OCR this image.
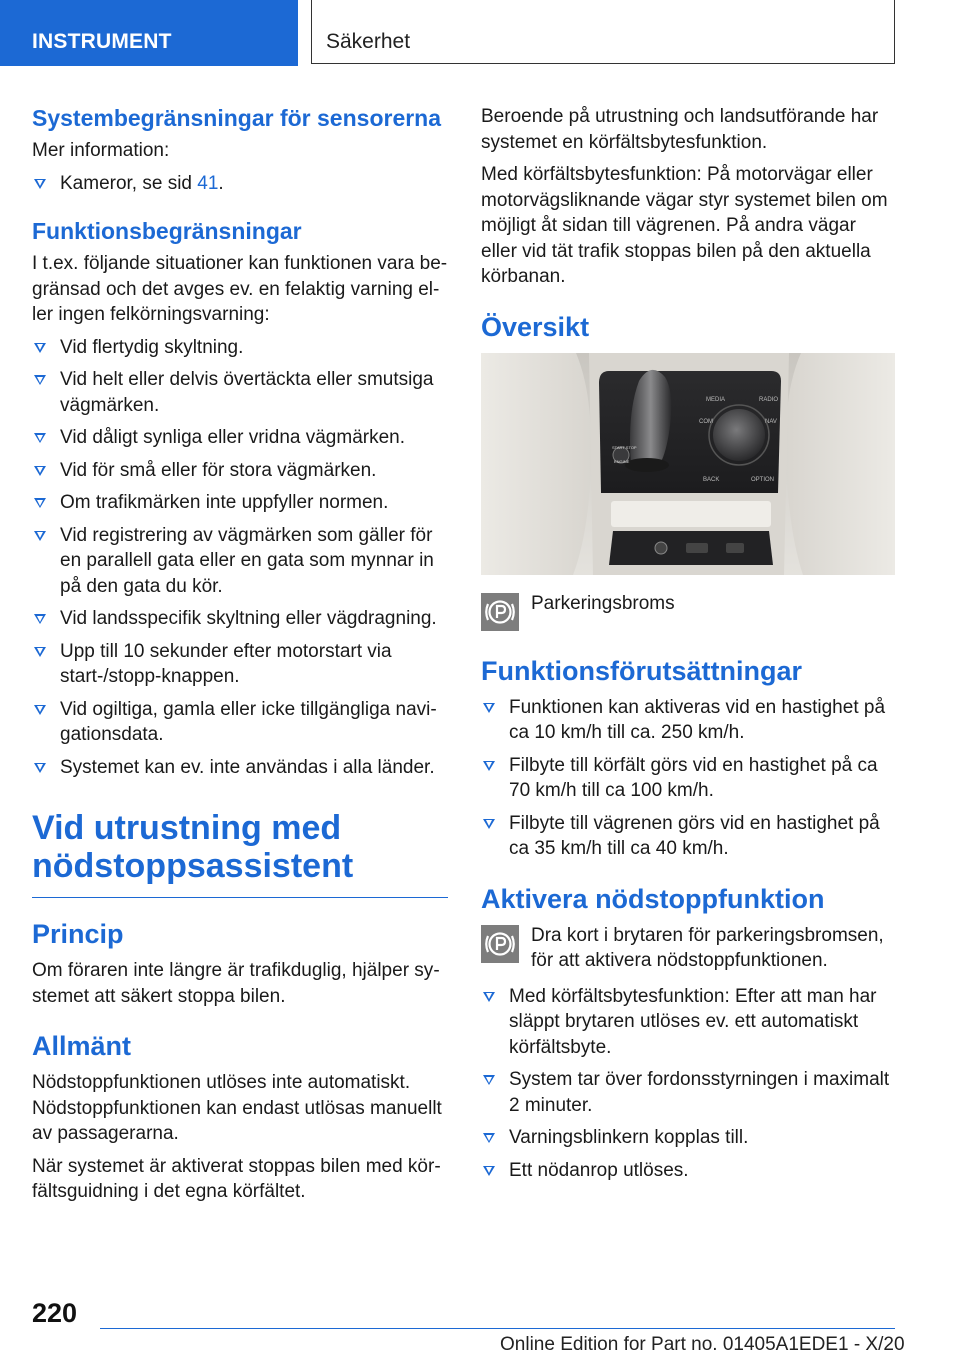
INSTRUMENT	Säkerhet
Systembegränsningar för sensorerna
Mer information:
Kameror, se sid 41.
Funktionsbegränsningar
I t.ex. följande situationer kan funktionen vara begränsad och det avges ev. en felaktig varning eller ingen felkörningsvarning:
Vid flertydig skyltning.
Vid helt eller delvis övertäckta eller smutsiga vägmärken.
Vid dåligt synliga eller vridna vägmärken.
Vid för små eller för stora vägmärken.
Om trafikmärken inte uppfyller normen.
Vid registrering av vägmärken som gäller för en parallell gata eller en gata som mynnar in på den gata du kör.
Vid landsspecifik skyltning eller vägdragning.
Upp till 10 sekunder efter motorstart via start-/stopp-knappen.
Vid ogiltiga, gamla eller icke tillgängliga navigationsdata.
Systemet kan ev. inte användas i alla länder.
Vid utrustning med nödstoppsassistent
Princip
Om föraren inte längre är trafikduglig, hjälper systemet att säkert stoppa bilen.
Allmänt
Nödstoppfunktionen utlöses inte automatiskt. Nödstoppfunktionen kan endast utlösas manuellt av passagerarna.
När systemet är aktiverat stoppas bilen med körfältsguidning i det egna körfältet.
Beroende på utrustning och landsutförande har systemet en körfältsbytesfunktion.
Med körfältsbytesfunktion: På motorvägar eller motorvägsliknande vägar styr systemet bilen om möjligt åt sidan till vägrenen. På andra vägar eller vid tät trafik stoppas bilen på den aktuella körbanan.
Översikt
MEDIA	RADIO
COM	NAV
BACK	OPTION
START STOP
ENGINE
Parkeringsbroms
Funktionsförutsättningar
Funktionen kan aktiveras vid en hastighet på ca 10 km/h till ca. 250 km/h.
Filbyte till körfält görs vid en hastighet på ca 70 km/h till ca 100 km/h.
Filbyte till vägrenen görs vid en hastighet på ca 35 km/h till ca 40 km/h.
Aktivera nödstoppfunktion
Dra kort i brytaren för parkeringsbromsen, för att aktivera nödstoppfunktionen.
Med körfältsbytesfunktion: Efter att man har släppt brytaren utlöses ev. ett automatiskt körfältsbyte.
System tar över fordonsstyrningen i maximalt 2 minuter.
Varningsblinkern kopplas till.
Ett nödanrop utlöses.
220
Online Edition for Part no. 01405A1EDE1 - X/20
